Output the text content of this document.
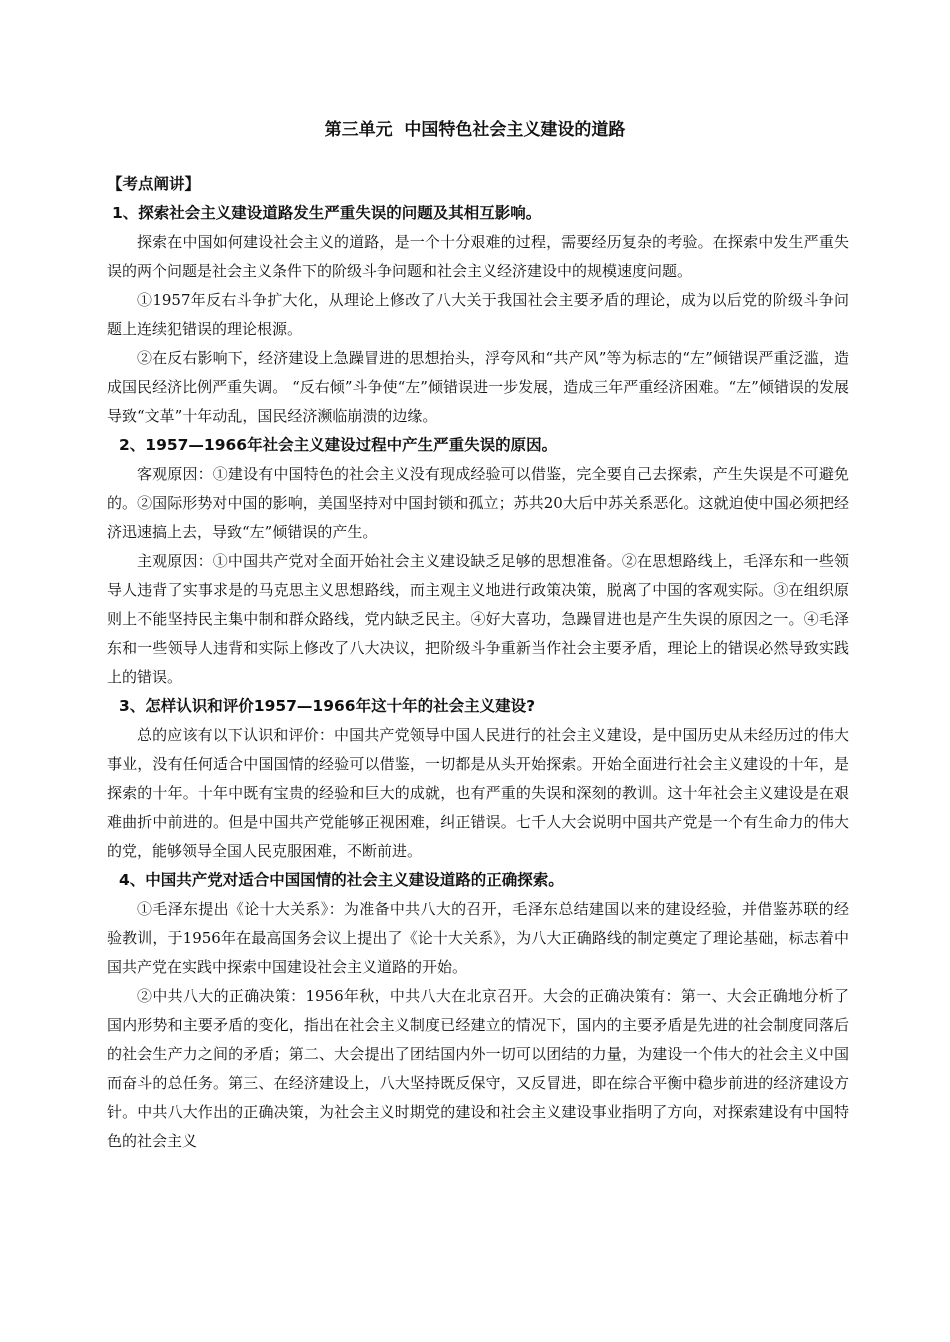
第三单元  中国特色社会主义建设的道路

【考点阐讲】

1、探索社会主义建设道路发生严重失误的问题及其相互影响。

探索在中国如何建设社会主义的道路，是一个十分艰难的过程，需要经历复杂的考验。在探索中发生严重失误的两个问题是社会主义条件下的阶级斗争问题和社会主义经济建设中的规模速度问题。

①1957年反右斗争扩大化，从理论上修改了八大关于我国社会主要矛盾的理论，成为以后党的阶级斗争问题上连续犯错误的理论根源。

②在反右影响下，经济建设上急躁冒进的思想抬头，浮夸风和“共产风”等为标志的“左”倾错误严重泛滥，造成国民经济比例严重失调。 “反右倾”斗争使“左”倾错误进一步发展，造成三年严重经济困难。“左”倾错误的发展导致“文革”十年动乱，国民经济濒临崩溃的边缘。

2、1957—1966年社会主义建设过程中产生严重失误的原因。

客观原因：①建设有中国特色的社会主义没有现成经验可以借鉴，完全要自己去探索，产生失误是不可避免的。②国际形势对中国的影响，美国坚持对中国封锁和孤立；苏共20大后中苏关系恶化。这就迫使中国必须把经济迅速搞上去，导致“左”倾错误的产生。

主观原因：①中国共产党对全面开始社会主义建设缺乏足够的思想准备。②在思想路线上，毛泽东和一些领导人违背了实事求是的马克思主义思想路线，而主观主义地进行政策决策，脱离了中国的客观实际。③在组织原则上不能坚持民主集中制和群众路线，党内缺乏民主。④好大喜功，急躁冒进也是产生失误的原因之一。④毛泽东和一些领导人违背和实际上修改了八大决议，把阶级斗争重新当作社会主要矛盾，理论上的错误必然导致实践上的错误。

3、怎样认识和评价1957—1966年这十年的社会主义建设?

总的应该有以下认识和评价：中国共产党领导中国人民进行的社会主义建设，是中国历史从未经历过的伟大事业，没有任何适合中国国情的经验可以借鉴，一切都是从头开始探索。开始全面进行社会主义建设的十年，是探索的十年。十年中既有宝贵的经验和巨大的成就，也有严重的失误和深刻的教训。这十年社会主义建设是在艰难曲折中前进的。但是中国共产党能够正视困难，纠正错误。七千人大会说明中国共产党是一个有生命力的伟大的党，能够领导全国人民克服困难，不断前进。

4、中国共产党对适合中国国情的社会主义建设道路的正确探索。

①毛泽东提出《论十大关系》：为准备中共八大的召开，毛泽东总结建国以来的建设经验，并借鉴苏联的经验教训，于1956年在最高国务会议上提出了《论十大关系》，为八大正确路线的制定奠定了理论基础，标志着中国共产党在实践中探索中国建设社会主义道路的开始。

②中共八大的正确决策：1956年秋，中共八大在北京召开。大会的正确决策有：第一、大会正确地分析了国内形势和主要矛盾的变化，指出在社会主义制度已经建立的情况下，国内的主要矛盾是先进的社会制度同落后的社会生产力之间的矛盾；第二、大会提出了团结国内外一切可以团结的力量，为建设一个伟大的社会主义中国而奋斗的总任务。第三、在经济建设上，八大坚持既反保守，又反冒进，即在综合平衡中稳步前进的经济建设方针。中共八大作出的正确决策，为社会主义时期党的建设和社会主义建设事业指明了方向，对探索建设有中国特色的社会主义
